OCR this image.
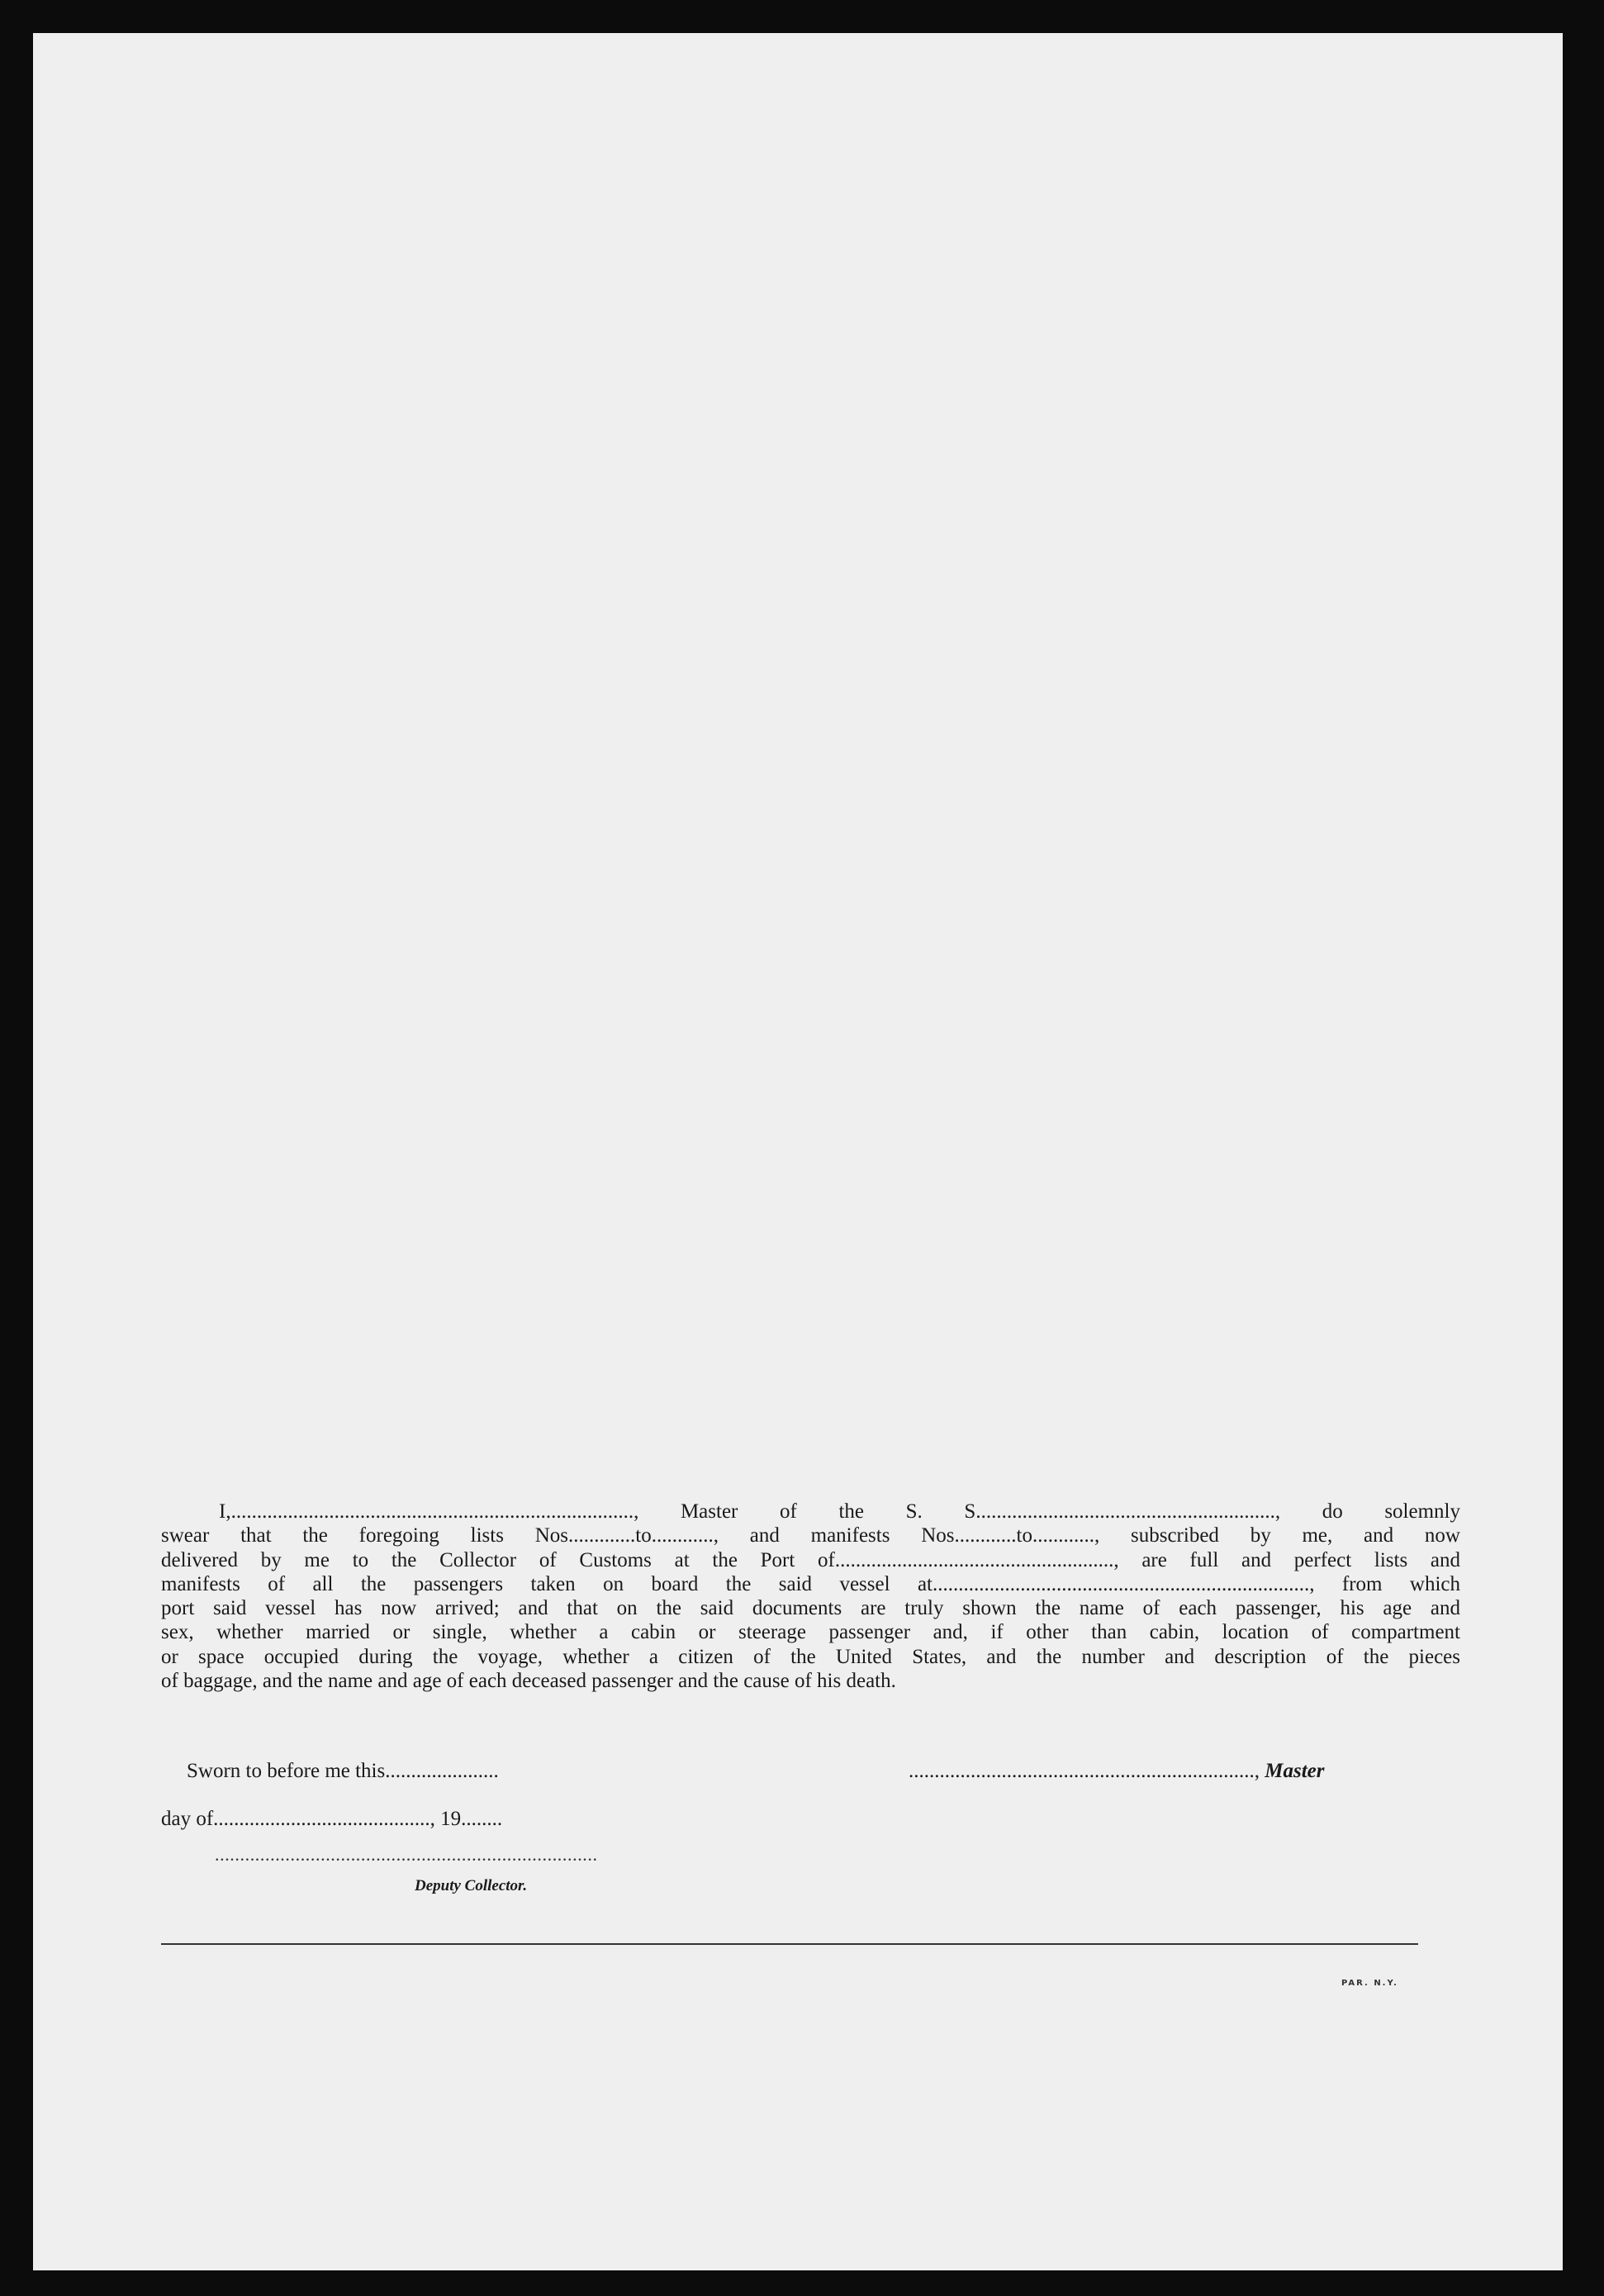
I,.............................................................................., Master of the S. S.........................................................., do solemnly

swear that the foregoing lists Nos.............to............, and manifests Nos............to............, subscribed by me, and now

delivered by me to the Collector of Customs at the Port of......................................................, are full and perfect lists and

manifests of all the passengers taken on board the said vessel at........................................................................., from which

port said vessel has now arrived; and that on the said documents are truly shown the name of each passenger, his age and

sex, whether married or single, whether a cabin or steerage passenger and, if other than cabin, location of compartment

or space occupied during the voyage, whether a citizen of the United States, and the number and description of the pieces

of baggage, and the name and age of each deceased passenger and the cause of his death.

Sworn to before me this......................	..................................................................., Master
day of.........................................., 19........
............................................................................
Deputy Collector.
PAR. N.Y.
